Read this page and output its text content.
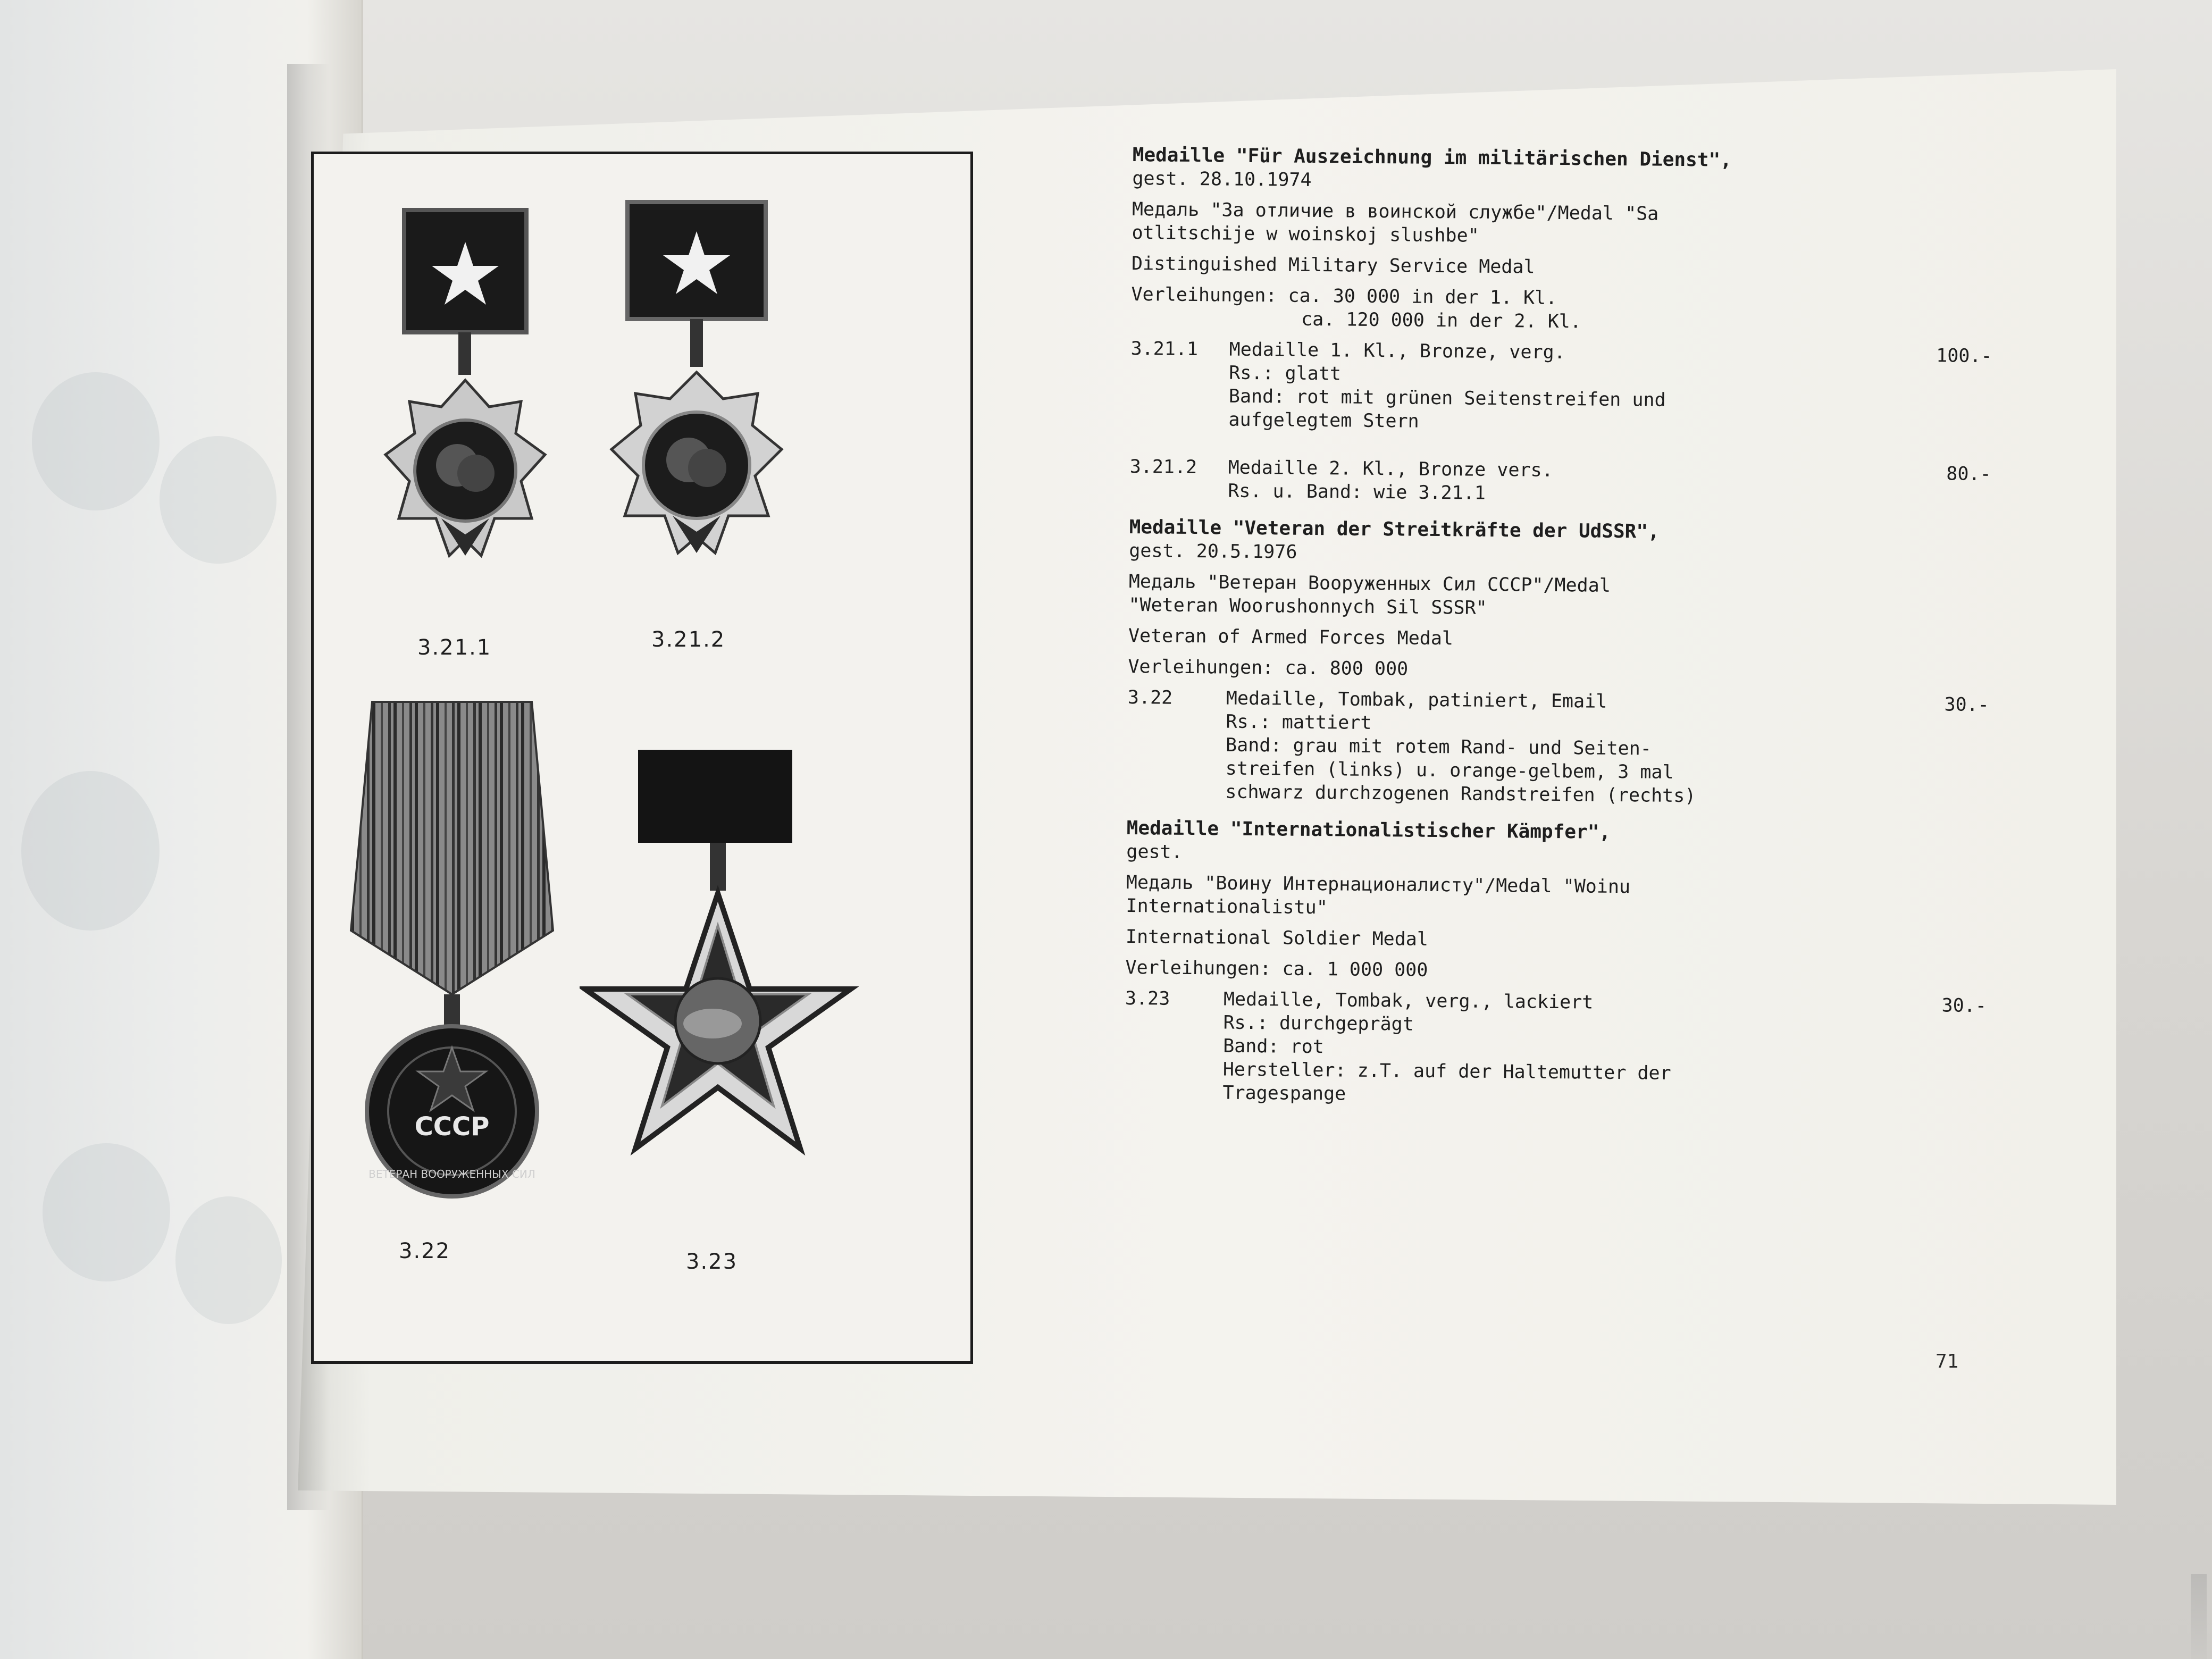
3.21.1	3.21.2
СССР
ВЕТЕРАН ВООРУЖЕННЫХ СИЛ
3.22	3.23

Medaille "Für Auszeichnung im militärischen Dienst",

gest. 28.10.1974

Медаль "За отличие в воинской службе"/Medal "Sa

otlitschije w woinskoj slushbe"

Distinguished Military Service Medal

Verleihungen: ca. 30 000 in der 1. Kl.

ca. 120 000 in der 2. Kl.

3.21.1	Medaille 1. Kl., Bronze, verg.

Rs.: glatt

Band: rot mit grünen Seitenstreifen und

aufgelegtem Stern

100.-
3.21.2	Medaille 2. Kl., Bronze vers.

Rs. u. Band: wie 3.21.1

80.-

Medaille "Veteran der Streitkräfte der UdSSR",

gest. 20.5.1976

Медаль "Ветеран Вооруженных Сил СССР"/Medal

"Weteran Woorushonnych Sil SSSR"

Veteran of Armed Forces Medal

Verleihungen: ca. 800 000

3.22	Medaille, Tombak, patiniert, Email

Rs.: mattiert

Band: grau mit rotem Rand- und Seiten-

streifen (links) u. orange-gelbem, 3 mal

schwarz durchzogenen Randstreifen (rechts)

30.-

Medaille "Internationalistischer Kämpfer",

gest.

Медаль "Воину Интернационалисту"/Medal "Woinu

Internationalistu"

International Soldier Medal

Verleihungen: ca. 1 000 000

3.23	Medaille, Tombak, verg., lackiert

Rs.: durchgeprägt

Band: rot

Hersteller: z.T. auf der Haltemutter der

Tragespange

30.-
71
